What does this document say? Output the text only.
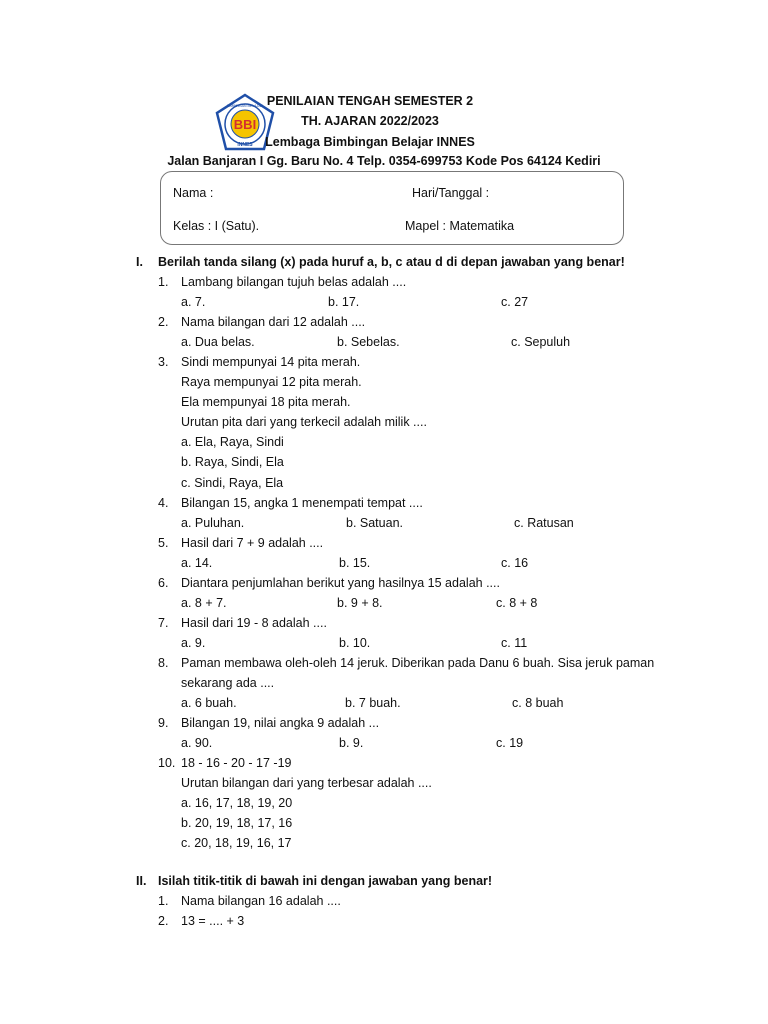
BBI
INNES
BIMBINGAN BELAJAR PENILAIAN TENGAH SEMESTER 2
TH. AJARAN 2022/2023
Lembaga Bimbingan Belajar INNES
Jalan Banjaran I Gg. Baru No. 4 Telp. 0354-699753 Kode Pos 64124 Kediri
Nama :	Hari/Tanggal :
Kelas : I (Satu).	Mapel : Matematika
I. Berilah tanda silang (x) pada huruf a, b, c atau d di depan jawaban yang benar!
1. Lambang bilangan tujuh belas adalah ....
a. 7.	b. 17.	c. 27
2. Nama bilangan dari 12 adalah ....
a. Dua belas.	b. Sebelas.	c. Sepuluh
3. Sindi mempunyai 14 pita merah.
Raya mempunyai 12 pita merah.
Ela mempunyai 18 pita merah.
Urutan pita dari yang terkecil adalah milik ....
a. Ela, Raya, Sindi
b. Raya, Sindi, Ela
c. Sindi, Raya, Ela
4. Bilangan 15, angka 1 menempati tempat ....
a. Puluhan.	b. Satuan.	c. Ratusan
5. Hasil dari 7 + 9 adalah ....
a. 14.	b. 15.	c. 16
6. Diantara penjumlahan berikut yang hasilnya 15 adalah ....
a. 8 + 7.	b. 9 + 8.	c. 8 + 8
7. Hasil dari 19 - 8 adalah ....
a. 9.	b. 10.	c. 11
8. Paman membawa oleh-oleh 14 jeruk. Diberikan pada Danu 6 buah. Sisa jeruk paman
sekarang ada ....
a. 6 buah.	b. 7 buah.	c. 8 buah
9. Bilangan 19, nilai angka 9 adalah ...
a. 90.	b. 9.	c. 19
10. 18 - 16 - 20 - 17 -19
Urutan bilangan dari yang terbesar adalah ....
a. 16, 17, 18, 19, 20
b. 20, 19, 18, 17, 16
c. 20, 18, 19, 16, 17
II. Isilah titik-titik di bawah ini dengan jawaban yang benar!
1. Nama bilangan 16 adalah ....
2. 13 = .... + 3
